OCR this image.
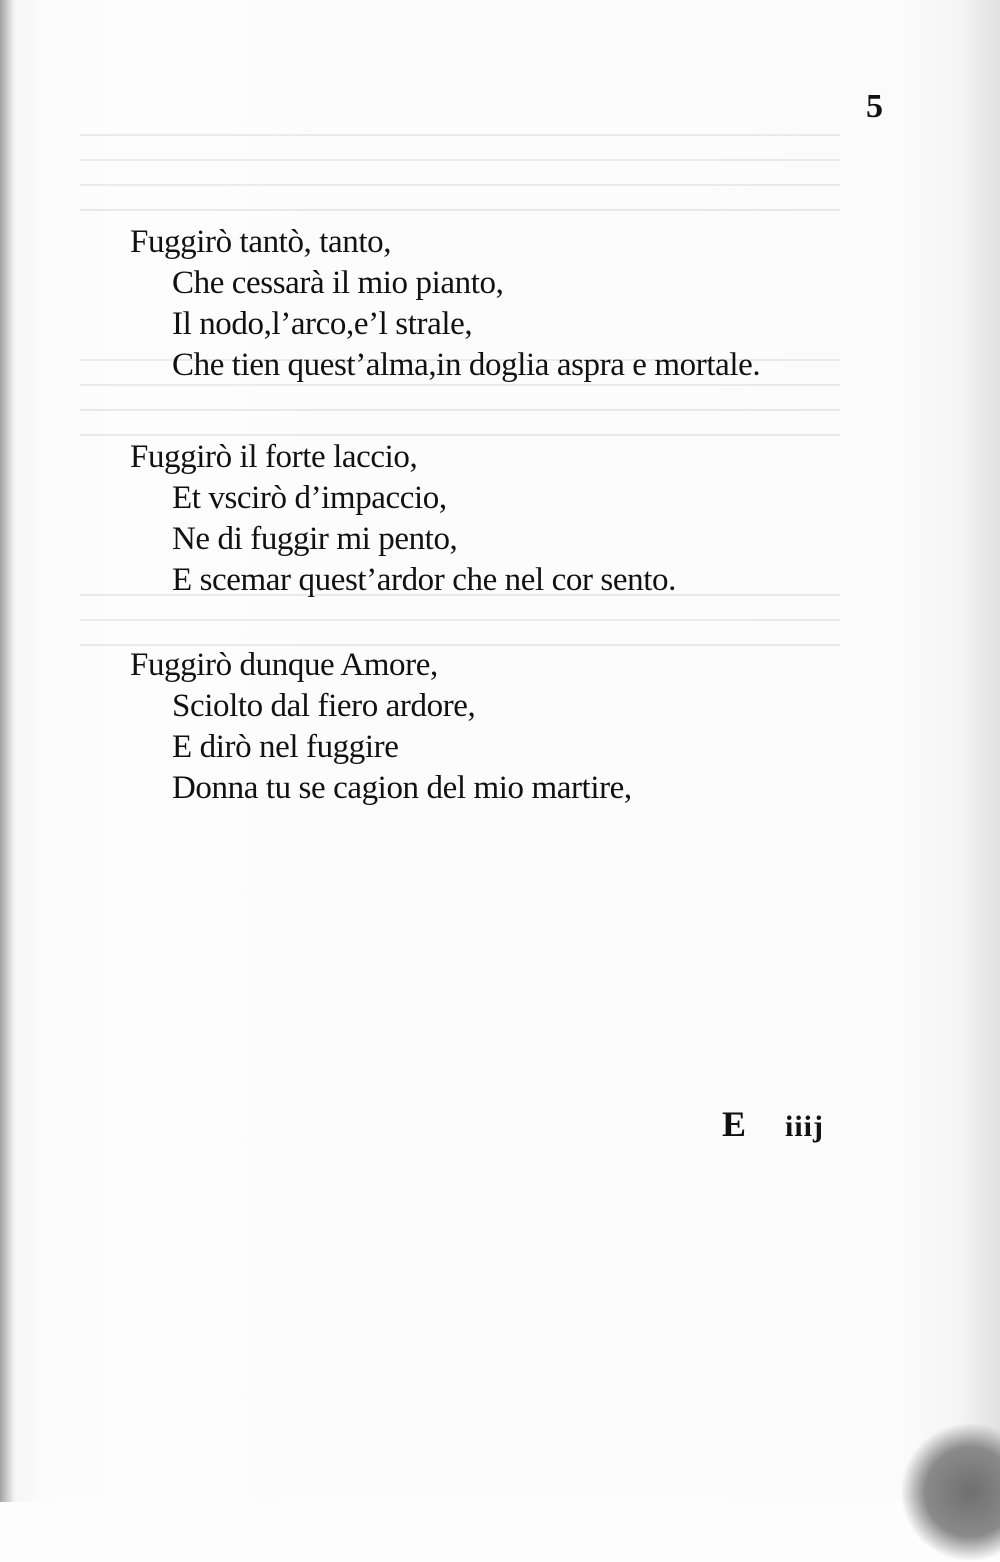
5
Fuggirò tantò, tanto,
Che cessarà il mio pianto,
Il nodo,l’arco,e’l strale,
Che tien quest’alma,in doglia aspra e mortale.
Fuggirò il forte laccio,
Et vscirò d’impaccio,
Ne di fuggir mi pento,
E scemar quest’ardor che nel cor sento.
Fuggirò dunque Amore,
Sciolto dal fiero ardore,
E dirò nel fuggire
Donna tu se cagion del mio martire,
E iiij
